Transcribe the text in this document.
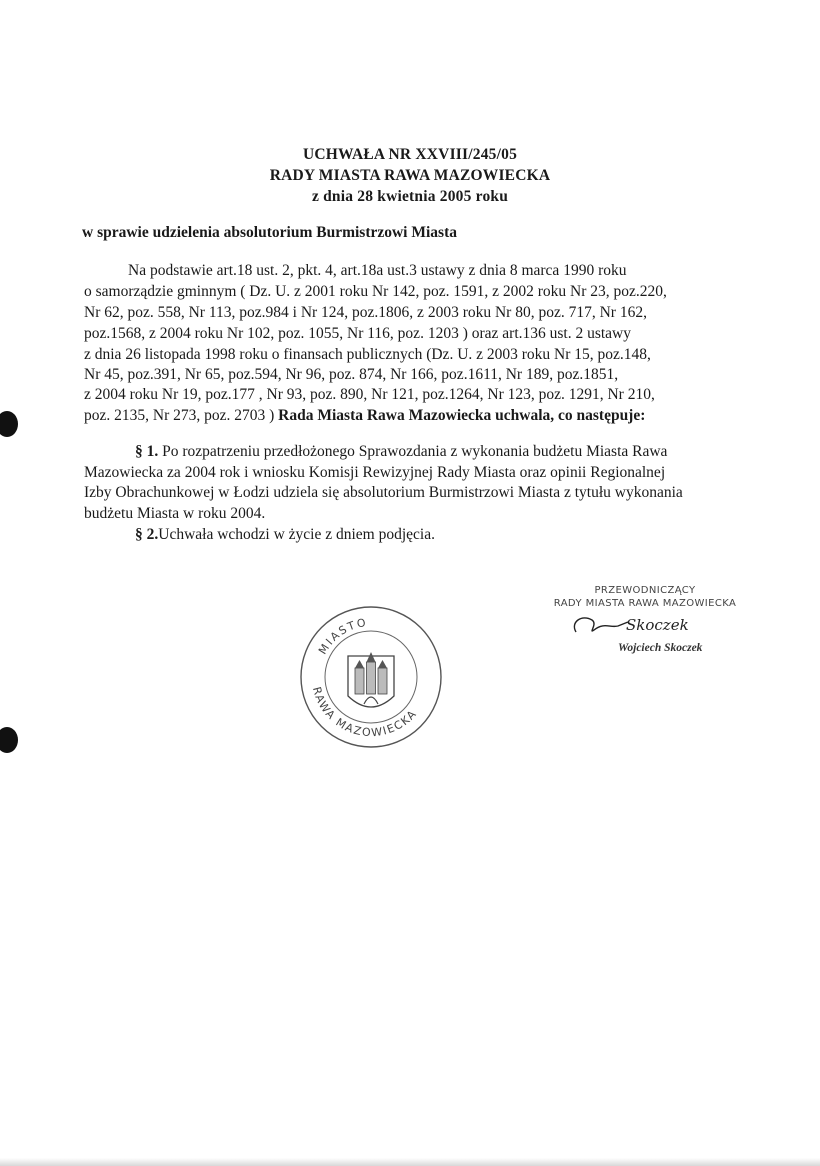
UCHWAŁA NR XXVIII/245/05
RADY MIASTA RAWA MAZOWIECKA
z dnia 28 kwietnia 2005 roku
w sprawie udzielenia absolutorium Burmistrzowi Miasta
Na podstawie art.18 ust. 2, pkt. 4, art.18a ust.3 ustawy z dnia 8 marca 1990 roku
o samorządzie gminnym ( Dz. U. z 2001 roku Nr 142, poz. 1591, z 2002 roku Nr 23, poz.220,
Nr 62, poz. 558, Nr 113, poz.984 i Nr 124, poz.1806, z 2003 roku Nr 80, poz. 717, Nr 162,
poz.1568, z 2004 roku Nr 102, poz. 1055, Nr 116, poz. 1203 ) oraz art.136 ust. 2 ustawy
z dnia 26 listopada 1998 roku o finansach publicznych (Dz. U. z 2003 roku Nr 15, poz.148,
Nr 45, poz.391, Nr 65, poz.594, Nr 96, poz. 874, Nr 166, poz.1611, Nr 189, poz.1851,
z 2004 roku Nr 19, poz.177 , Nr 93, poz. 890, Nr 121, poz.1264, Nr 123, poz. 1291, Nr 210,
poz. 2135, Nr 273, poz. 2703 ) Rada Miasta Rawa Mazowiecka uchwala, co następuje:
§ 1. Po rozpatrzeniu przedłożonego Sprawozdania z wykonania budżetu Miasta Rawa
Mazowiecka za 2004 rok i wniosku Komisji Rewizyjnej Rady Miasta oraz opinii Regionalnej
Izby Obrachunkowej w Łodzi udziela się absolutorium Burmistrzowi Miasta z tytułu wykonania
budżetu Miasta w roku 2004.
§ 2.Uchwała wchodzi w życie z dniem podjęcia.
MIASTO
RAWA MAZOWIECKA
PRZEWODNICZĄCY
RADY MIASTA RAWA MAZOWIECKA
Skoczek
Wojciech Skoczek
